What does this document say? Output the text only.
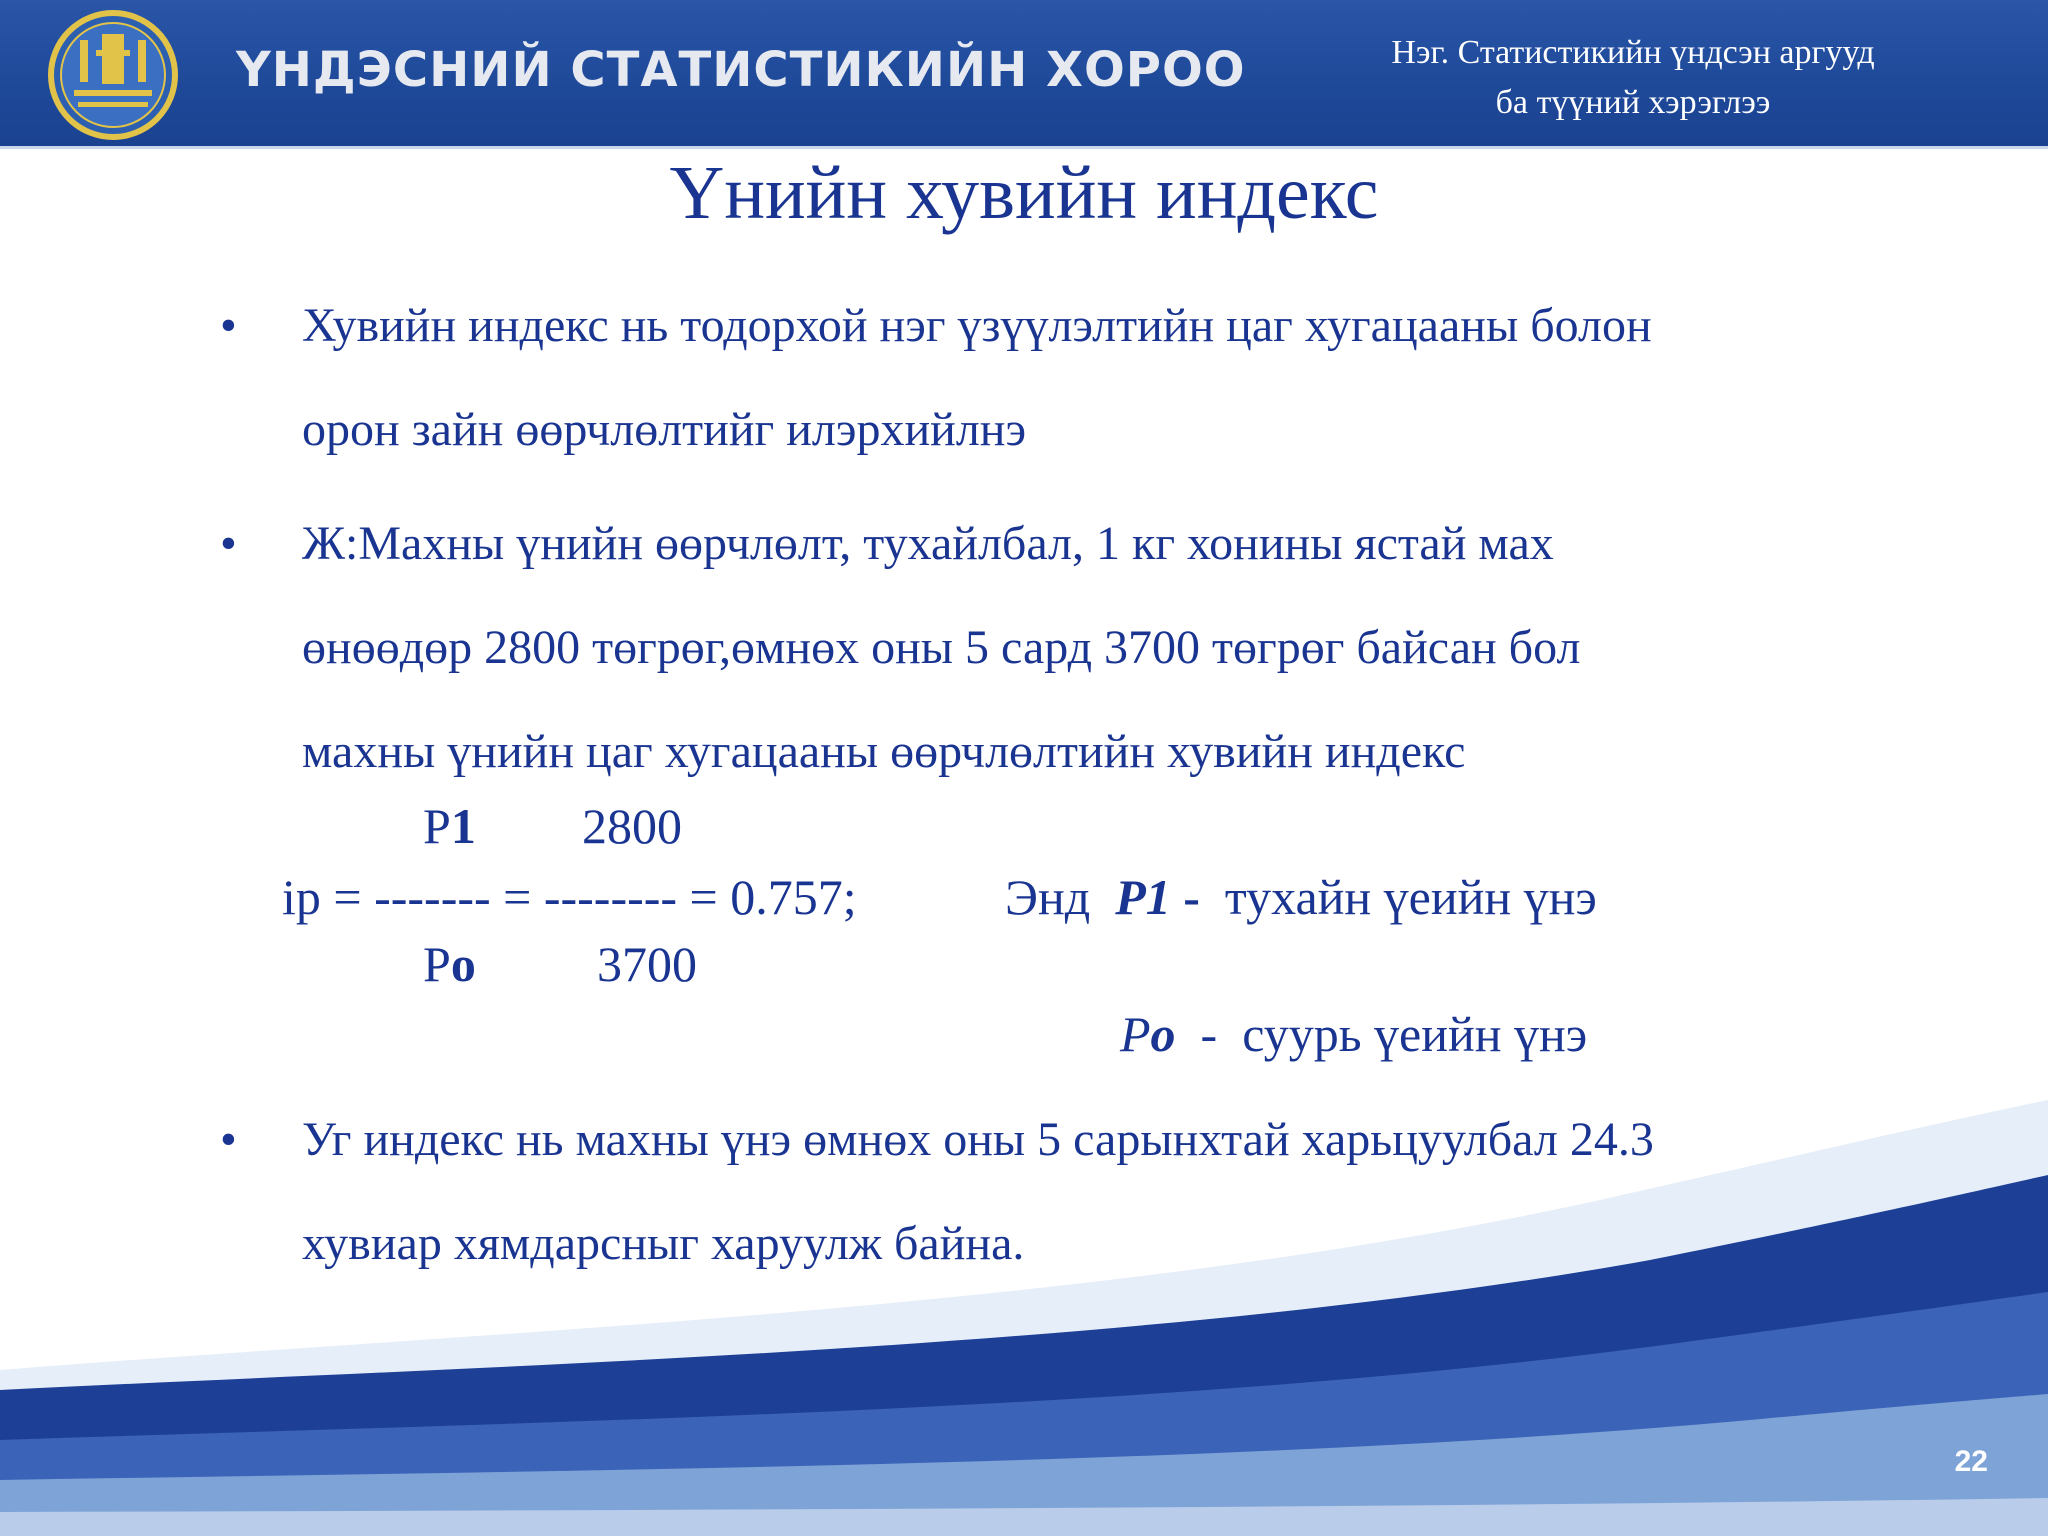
ҮНДЭСНИЙ СТАТИСТИКИЙН ХОРОО	Нэг. Статистикийн үндсэн аргууд
ба түүний хэрэглээ
Үнийн хувийн индекс
• Хувийн индекс нь тодорхой нэг үзүүлэлтийн цаг хугацааны болон
орон зайн өөрчлөлтийг илэрхийлнэ
• Ж:Махны үнийн өөрчлөлт, тухайлбал, 1 кг хонины ястай мах
өнөөдөр 2800 төгрөг,өмнөх оны 5 сард 3700 төгрөг байсан бол
махны үнийн цаг хугацааны өөрчлөлтийн хувийн индекс
P1 2800
ip = ------- = -------- = 0.757;	Энд P1 - тухайн үеийн үнэ
Po 3700
Po - суурь үеийн үнэ
22
• Уг индекс нь махны үнэ өмнөх оны 5 сарынхтай харьцуулбал 24.3
хувиар хямдарсныг харуулж байна.
